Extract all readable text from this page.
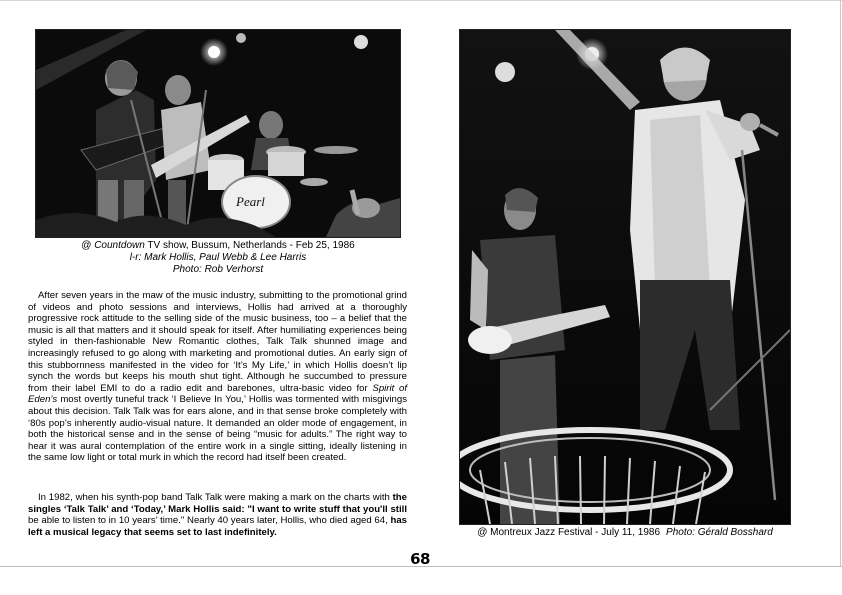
Pearl
@ Countdown TV show, Bussum, Netherlands - Feb 25, 1986
l-r: Mark Hollis, Paul Webb & Lee Harris
Photo: Rob Verhorst

After seven years in the maw of the music industry, submitting to the promotional grind of videos and photo sessions and interviews, Hollis had arrived at a thoroughly progressive rock attitude to the selling side of the music business, too – a belief that the music is all that matters and it should speak for itself. After humiliating experiences being styled in then-fashionable New Romantic clothes, Talk Talk shunned image and increasingly refused to go along with marketing and promotional duties. An early sign of this stubbornness manifested in the video for ‘It’s My Life,’ in which Hollis doesn’t lip synch the words but keeps his mouth shut tight. Although he succumbed to pressure from their label EMI to do a radio edit and barebones, ultra-basic video for Spirit of Eden’s most overtly tuneful track ‘I Believe In You,’ Hollis was tormented with misgivings about this decision. Talk Talk was for ears alone, and in that sense broke completely with ‘80s pop’s inherently audio-visual nature. It demanded an older mode of engagement, in both the historical sense and in the sense of being “music for adults.” The right way to hear it was aural contemplation of the entire work in a single sitting, ideally listening in the same low light or total murk in which the record had itself been created.

In 1982, when his synth-pop band Talk Talk were making a mark on the charts with the singles ‘Talk Talk’ and ‘Today,’ Mark Hollis said: "I want to write stuff that you'll still be able to listen to in 10 years’ time." Nearly 40 years later, Hollis, who died aged 64, has left a musical legacy that seems set to last indefinitely.	@ Montreux Jazz Festival - July 11, 1986 Photo: Gérald Bosshard
68
